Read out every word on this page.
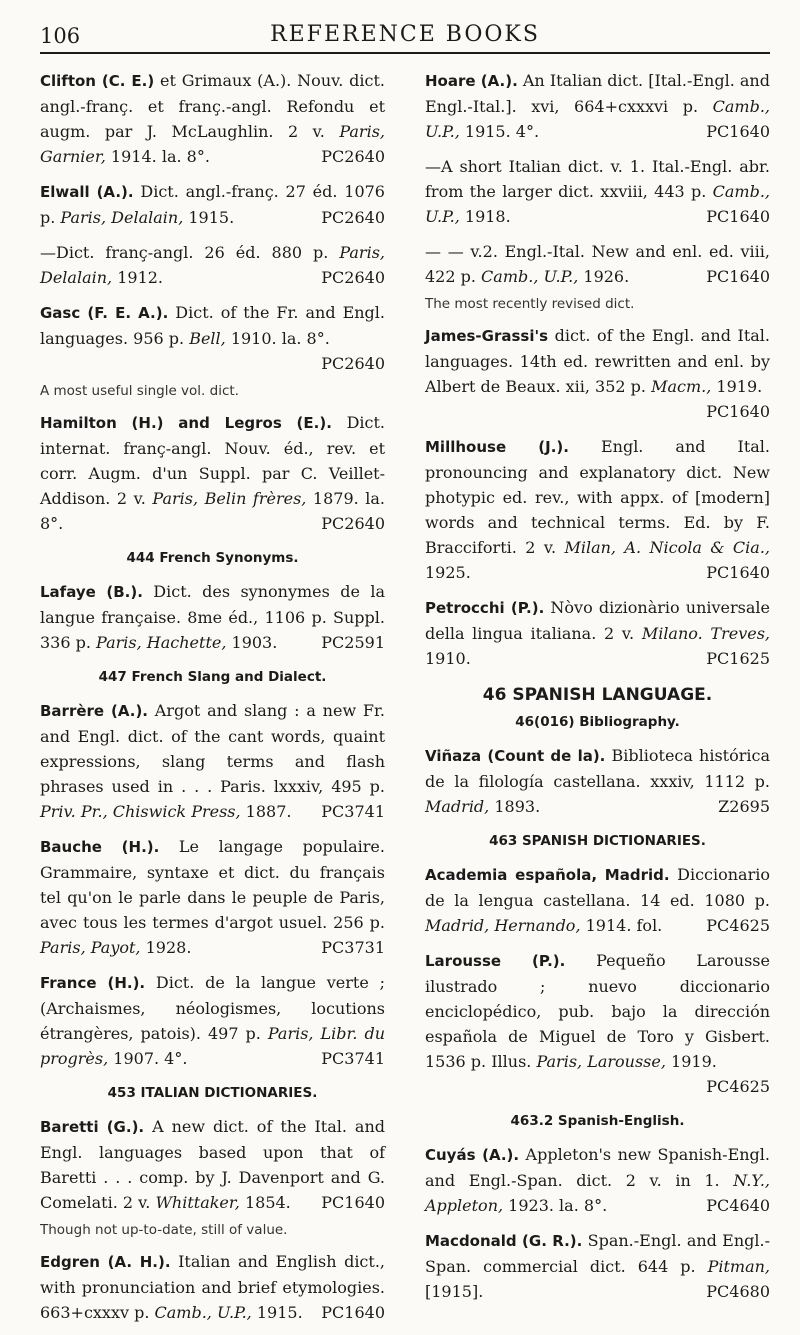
106	REFERENCE BOOKS
Clifton (C. E.) et Grimaux (A.). Nouv. dict. angl.-franç. et franç.-angl. Refondu et augm. par J. McLaughlin. 2 v. Paris, Garnier, 1914. la. 8°.	PC2640
Elwall (A.). Dict. angl.-franç. 27 éd. 1076 p. Paris, Delalain, 1915.	PC2640
—Dict. franç-angl. 26 éd. 880 p. Paris, Delalain, 1912.	PC2640
Gasc (F. E. A.). Dict. of the Fr. and Engl. languages. 956 p. Bell, 1910. la. 8°.
PC2640
A most useful single vol. dict.
Hamilton (H.) and Legros (E.). Dict. internat. franç-angl. Nouv. éd., rev. et corr. Augm. d'un Suppl. par C. Veillet-Addison. 2 v. Paris, Belin frères, 1879. la. 8°.	PC2640
444 French Synonyms.
Lafaye (B.). Dict. des synonymes de la langue française. 8me éd., 1106 p. Suppl. 336 p. Paris, Hachette, 1903.	PC2591
447 French Slang and Dialect.
Barrère (A.). Argot and slang : a new Fr. and Engl. dict. of the cant words, quaint expressions, slang terms and flash phrases used in . . . Paris. lxxxiv, 495 p. Priv. Pr., Chiswick Press, 1887. PC3741
Bauche (H.). Le langage populaire. Grammaire, syntaxe et dict. du français tel qu'on le parle dans le peuple de Paris, avec tous les termes d'argot usuel. 256 p. Paris, Payot, 1928.	PC3731
France (H.). Dict. de la langue verte ; (Archaismes, néologismes, locutions étrangères, patois). 497 p. Paris, Libr. du progrès, 1907. 4°.	PC3741
453 ITALIAN DICTIONARIES.
Baretti (G.). A new dict. of the Ital. and Engl. languages based upon that of Baretti . . . comp. by J. Davenport and G. Comelati. 2 v. Whittaker, 1854. PC1640
Though not up-to-date, still of value.
Edgren (A. H.). Italian and English dict., with pronunciation and brief etymologies. 663+cxxxv p. Camb., U.P., 1915. PC1640
Hoare (A.). An Italian dict. [Ital.-Engl. and Engl.-Ital.]. xvi, 664+cxxxvi p. Camb., U.P., 1915. 4°.	PC1640
—A short Italian dict. v. 1. Ital.-Engl. abr. from the larger dict. xxviii, 443 p. Camb., U.P., 1918.	PC1640
— — v.2. Engl.-Ital. New and enl. ed. viii, 422 p. Camb., U.P., 1926.	PC1640
The most recently revised dict.
James-Grassi's dict. of the Engl. and Ital. languages. 14th ed. rewritten and enl. by Albert de Beaux. xii, 352 p. Macm., 1919.
PC1640
Millhouse (J.). Engl. and Ital. pronouncing and explanatory dict. New photypic ed. rev., with appx. of [modern] words and technical terms. Ed. by F. Bracciforti. 2 v. Milan, A. Nicola & Cia., 1925.	PC1640
Petrocchi (P.). Nòvo dizionàrio universale della lingua italiana. 2 v. Milano. Treves, 1910.	PC1625
46 SPANISH LANGUAGE.
46(016) Bibliography.
Viñaza (Count de la). Biblioteca histórica de la filología castellana. xxxiv, 1112 p. Madrid, 1893.	Z2695
463 SPANISH DICTIONARIES.
Academia española, Madrid. Diccionario de la lengua castellana. 14 ed. 1080 p. Madrid, Hernando, 1914. fol.	PC4625
Larousse (P.). Pequeño Larousse ilustrado ; nuevo diccionario enciclopédico, pub. bajo la dirección española de Miguel de Toro y Gisbert. 1536 p. Illus. Paris, Larousse, 1919.
PC4625
463.2 Spanish-English.
Cuyás (A.). Appleton's new Spanish-Engl. and Engl.-Span. dict. 2 v. in 1. N.Y., Appleton, 1923. la. 8°.	PC4640
Macdonald (G. R.). Span.-Engl. and Engl.-Span. commercial dict. 644 p. Pitman, [1915].	PC4680
